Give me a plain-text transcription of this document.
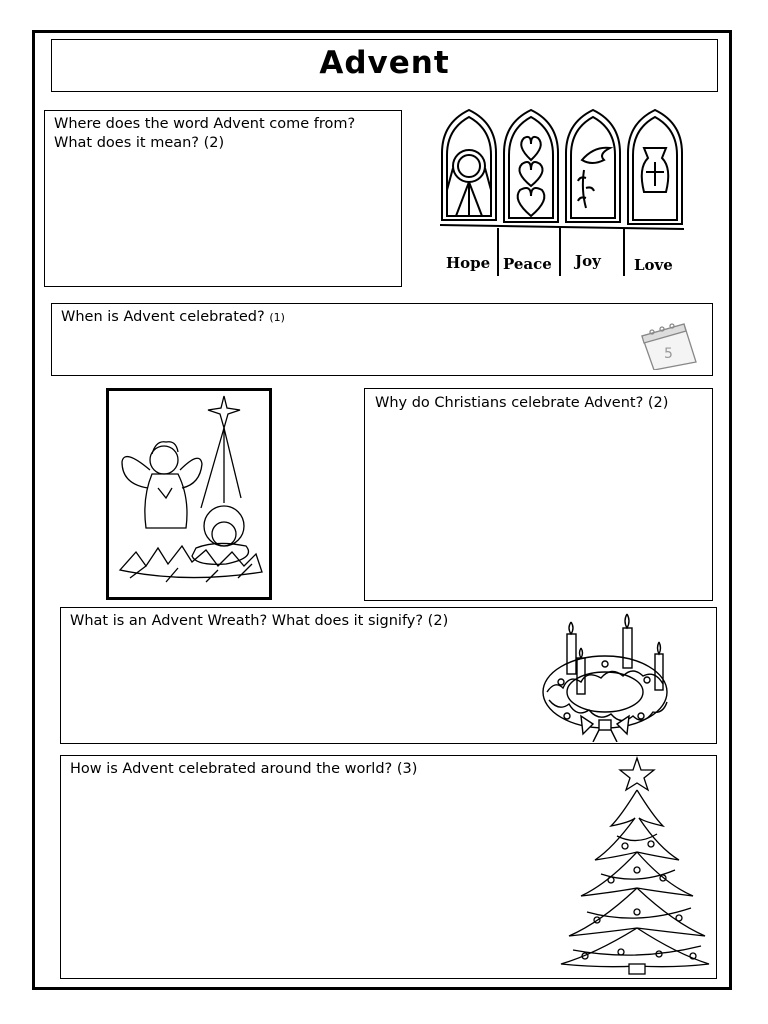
Advent
Where does the word Advent come from?
What does it mean? (2)
Hope Peace Joy Love
When is Advent celebrated? (1)
5
Why do Christians celebrate Advent? (2)
What is an Advent Wreath? What does it signify? (2)
How is Advent celebrated around the world? (3)
